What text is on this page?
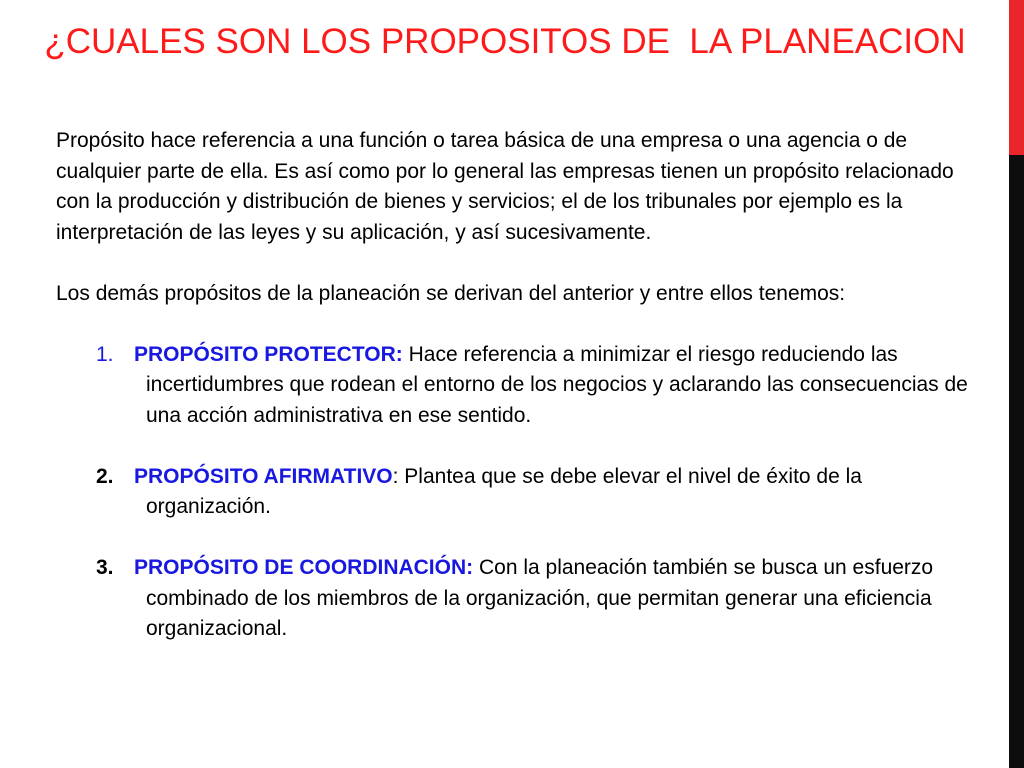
¿CUALES SON LOS PROPOSITOS DE  LA PLANEACION

Propósito hace referencia a una función o tarea básica de una empresa o una agencia o de cualquier parte de ella. Es así como por lo general las empresas tienen un propósito relacionado con la producción y distribución de bienes y servicios; el de los tribunales por ejemplo es la interpretación de las leyes y su aplicación, y así sucesivamente.

Los demás propósitos de la planeación se derivan del anterior y entre ellos tenemos:

1. PROPÓSITO PROTECTOR: Hace referencia a minimizar el riesgo reduciendo las incertidumbres que rodean el entorno de los negocios y aclarando las consecuencias de una acción administrativa en ese sentido.
2. PROPÓSITO AFIRMATIVO: Plantea que se debe elevar el nivel de éxito de la organización.
3. PROPÓSITO DE COORDINACIÓN: Con la planeación también se busca un esfuerzo combinado de los miembros de la organización, que permitan generar una eficiencia organizacional.
